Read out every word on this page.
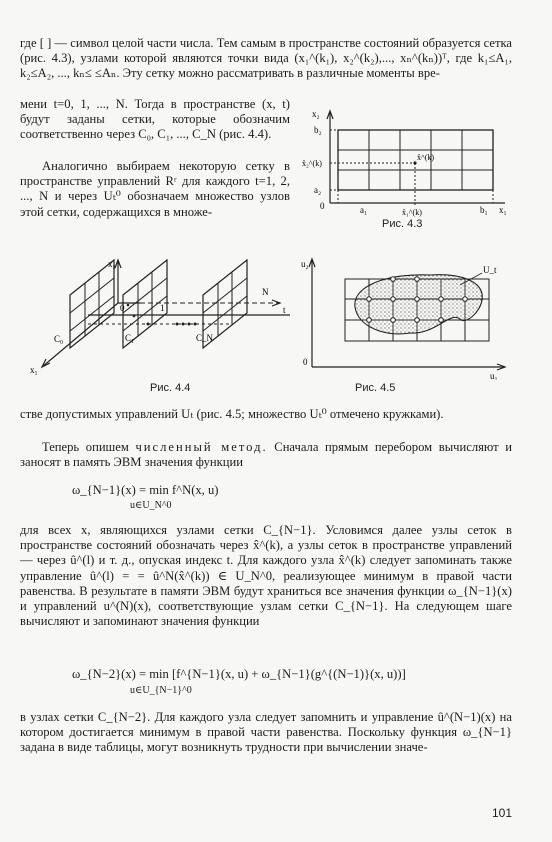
где [ ] — символ целой части числа. Тем самым в пространстве состояний образуется сетка (рис. 4.3), узлами которой являются точки вида (x₁^(k₁), x₂^(k₂),..., xₙ^(kₙ))ᵀ, где k₁≤A₁, k₂≤A₂, ..., kₙ≤ ≤Aₙ. Эту сетку можно рассматривать в различные моменты вре-

мени t=0, 1, ..., N. Тогда в пространстве (x, t) будут заданы сетки, которые обозначим соответственно через C₀, C₁, ..., C_N (рис. 4.4).

Аналогично выбираем некоторую сетку в пространстве управлений Rʳ для каждого t=1, 2, ..., N и через Uₜ⁰ обозначаем множество узлов этой сетки, содержащихся в множе-

x₂
b₂
x̂₂^(k)
a₂
0
x̂^(k)
a₁	x̂₁^(k)	b₁ x₁
Рис. 4.3
x₂
C₀	C₁	C_N
x₁
0
N
1	t
Рис. 4.4
u₂
U_t
0
u₁
Рис. 4.5

стве допустимых управлений Uₜ (рис. 4.5; множество Uₜ⁰ отмечено кружками).

Теперь опишем численный метод. Сначала прямым перебором вычисляют и заносят в память ЭВМ значения функции

ω_{N−1}(x) = min f^N(x, u)
u∈U_N^0

для всех x, являющихся узлами сетки C_{N−1}. Условимся далее узлы сеток в пространстве состояний обозначать через x̂^(k), а узлы сеток в пространстве управлений — через û^(l) и т. д., опуская индекс t. Для каждого узла x̂^(k) следует запоминать также управление û^(l) = = û^N(x̂^(k)) ∈ U_N^0, реализующее минимум в правой части равенства. В результате в памяти ЭВМ будут храниться все значения функции ω_{N−1}(x) и управлений u^(N)(x), соответствующие узлам сетки C_{N−1}. На следующем шаге вычисляют и запоминают значения функции

ω_{N−2}(x) = min [f^{N−1}(x, u) + ω_{N−1}(g^{(N−1)}(x, u))]
u∈U_{N−1}^0

в узлах сетки C_{N−2}. Для каждого узла следует запомнить и управление û^(N−1)(x) на котором достигается минимум в правой части равенства. Поскольку функция ω_{N−1} задана в виде таблицы, могут возникнуть трудности при вычислении значе-

101
